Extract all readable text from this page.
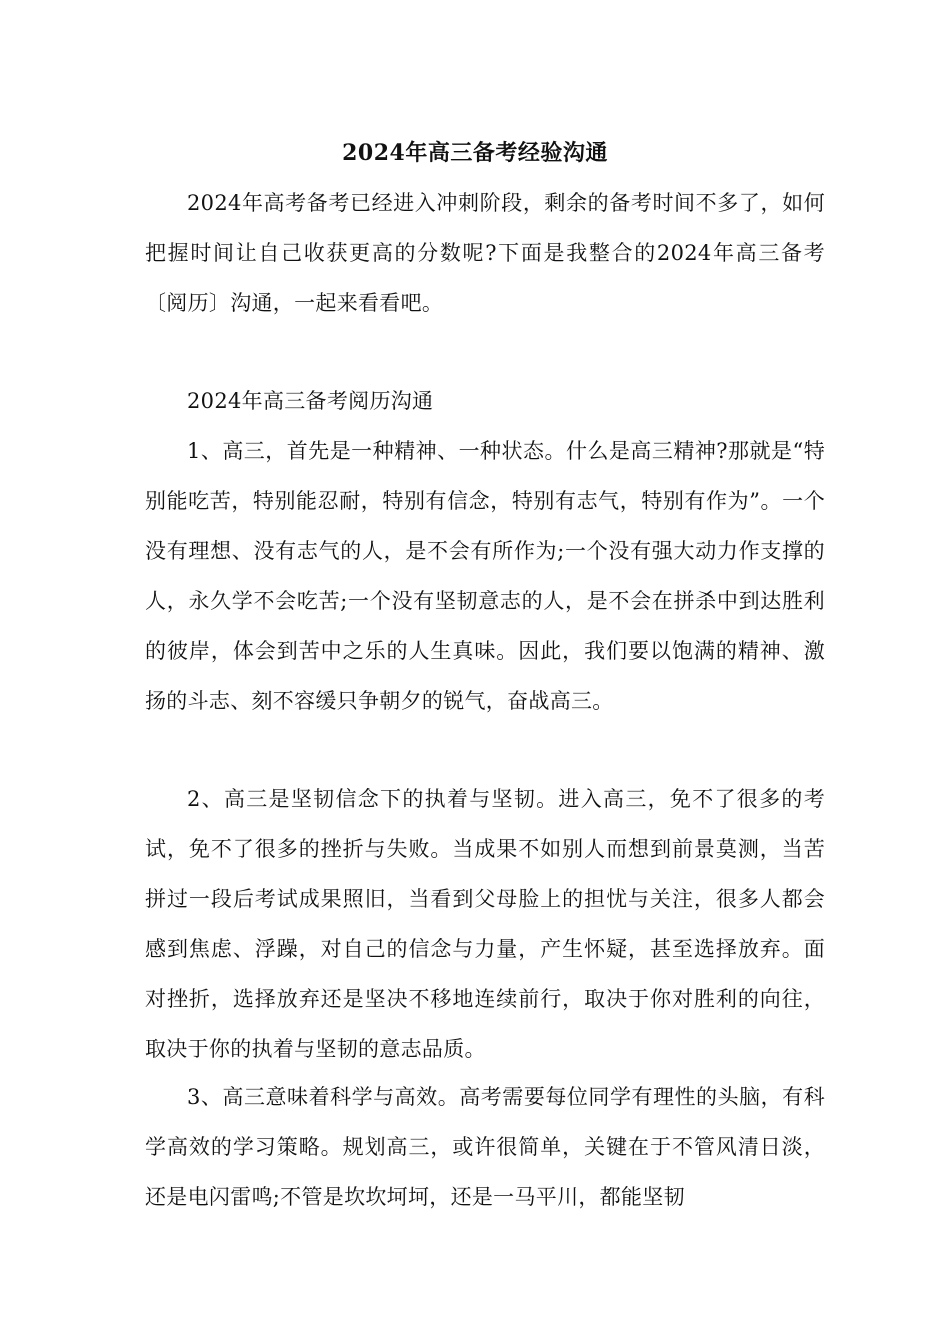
2024年高三备考经验沟通

2024年高考备考已经进入冲刺阶段，剩余的备考时间不多了，如何把握时间让自己收获更高的分数呢?下面是我整合的2024年高三备考〔阅历〕沟通，一起来看看吧。

2024年高三备考阅历沟通

1、高三，首先是一种精神、一种状态。什么是高三精神?那就是“特别能吃苦，特别能忍耐，特别有信念，特别有志气，特别有作为”。一个没有理想、没有志气的人，是不会有所作为;一个没有强大动力作支撑的人，永久学不会吃苦;一个没有坚韧意志的人，是不会在拼杀中到达胜利的彼岸，体会到苦中之乐的人生真味。因此，我们要以饱满的精神、激扬的斗志、刻不容缓只争朝夕的锐气，奋战高三。

2、高三是坚韧信念下的执着与坚韧。进入高三，免不了很多的考试，免不了很多的挫折与失败。当成果不如别人而想到前景莫测，当苦拼过一段后考试成果照旧，当看到父母脸上的担忧与关注，很多人都会感到焦虑、浮躁，对自己的信念与力量，产生怀疑，甚至选择放弃。面对挫折，选择放弃还是坚决不移地连续前行，取决于你对胜利的向往，取决于你的执着与坚韧的意志品质。

3、高三意味着科学与高效。高考需要每位同学有理性的头脑，有科学高效的学习策略。规划高三，或许很简单，关键在于不管风清日淡，还是电闪雷鸣;不管是坎坎坷坷，还是一马平川，都能坚韧
